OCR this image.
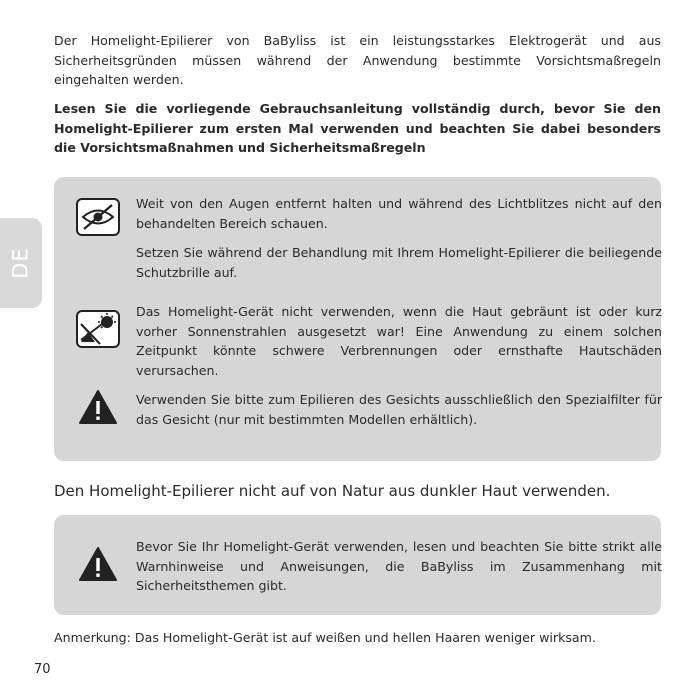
DE

Der Homelight-Epilierer von BaByliss ist ein leistungsstarkes Elektrogerät und aus Sicherheitsgründen müssen während der Anwendung bestimmte Vorsichtsmaßregeln eingehalten werden.

Lesen Sie die vorliegende Gebrauchsanleitung vollständig durch, bevor Sie den Homelight-Epilierer zum ersten Mal verwenden und beachten Sie dabei besonders die Vorsichtsmaßnahmen und Sicherheitsmaßregeln

Weit von den Augen entfernt halten und während des Lichtblitzes nicht auf den behandelten Bereich schauen.

Setzen Sie während der Behandlung mit Ihrem Homelight-Epilierer die beiliegende Schutzbrille auf.

Das Homelight-Gerät nicht verwenden, wenn die Haut gebräunt ist oder kurz vorher Sonnenstrahlen ausgesetzt war! Eine Anwendung zu einem solchen Zeitpunkt könnte schwere Verbrennungen oder ernsthafte Hautschäden verursachen.

Verwenden Sie bitte zum Epilieren des Gesichts ausschließlich den Spezialfilter für das Gesicht (nur mit bestimmten Modellen erhältlich).

Den Homelight-Epilierer nicht auf von Natur aus dunkler Haut verwenden.

Bevor Sie Ihr Homelight-Gerät verwenden, lesen und beachten Sie bitte strikt alle Warnhinweise und Anweisungen, die BaByliss im Zusammenhang mit Sicherheitsthemen gibt.

Anmerkung: Das Homelight-Gerät ist auf weißen und hellen Haaren weniger wirksam.

70
